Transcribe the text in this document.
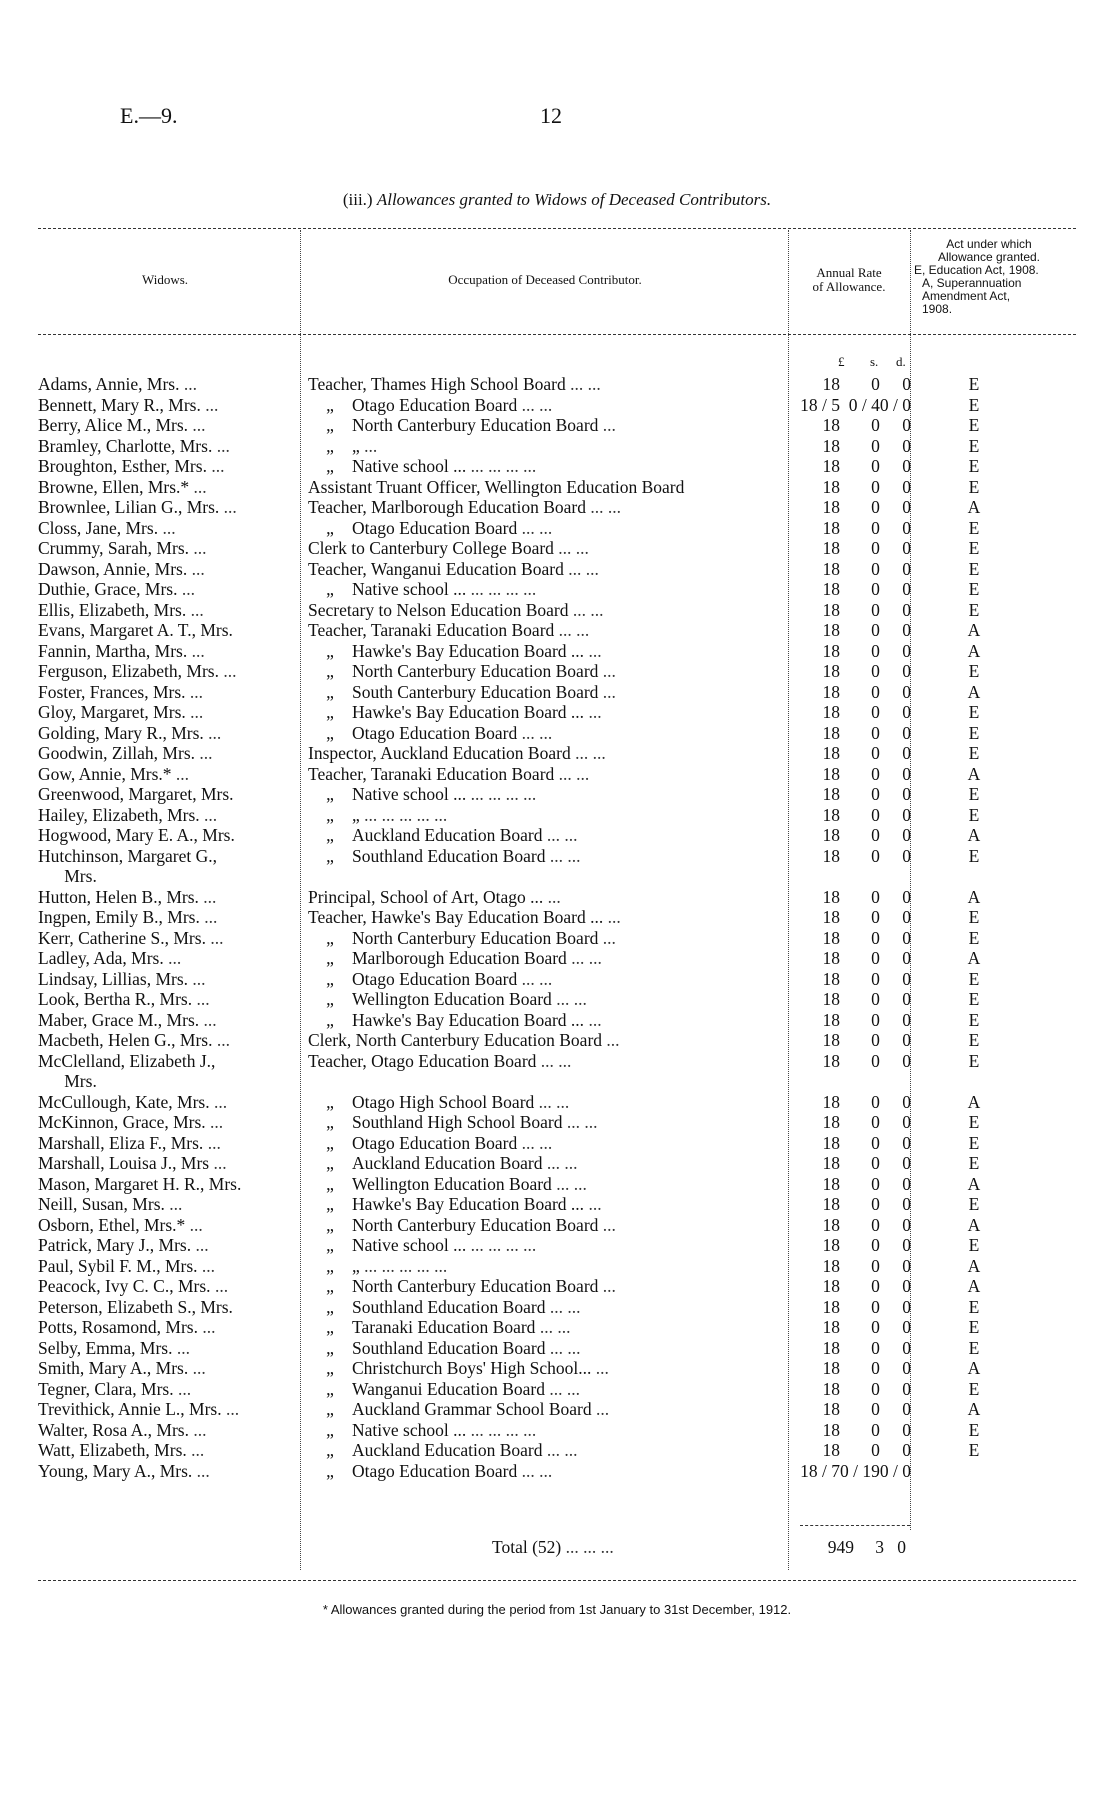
E.—9.	12
(iii.) Allowances granted to Widows of Deceased Contributors.
Widows.	Occupation of Deceased Contributor.	Annual Rate
of Allowance.
Act under which
Allowance granted.
E, Education Act, 1908.
A, Superannuation
Amendment Act,
1908.
£ s. d.
Adams, Annie, Mrs. ...	Teacher, Thames High School Board ... ...	18	0	0	E
Bennett, Mary R., Mrs. ...	„ Otago Education Board ... ...	18 / 5	0 / 4	0 / 0	E
Berry, Alice M., Mrs. ...	„ North Canterbury Education Board ...	18	0	0	E
Bramley, Charlotte, Mrs. ...	„ „ ...	18	0	0	E
Broughton, Esther, Mrs. ...	„ Native school ... ... ... ... ...	18	0	0	E
Browne, Ellen, Mrs.* ...	Assistant Truant Officer, Wellington Education Board	18	0	0	E
Brownlee, Lilian G., Mrs. ...	Teacher, Marlborough Education Board ... ...	18	0	0	A
Closs, Jane, Mrs. ...	„ Otago Education Board ... ...	18	0	0	E
Crummy, Sarah, Mrs. ...	Clerk to Canterbury College Board ... ...	18	0	0	E
Dawson, Annie, Mrs. ...	Teacher, Wanganui Education Board ... ...	18	0	0	E
Duthie, Grace, Mrs. ...	„ Native school ... ... ... ... ...	18	0	0	E
Ellis, Elizabeth, Mrs. ...	Secretary to Nelson Education Board ... ...	18	0	0	E
Evans, Margaret A. T., Mrs.	Teacher, Taranaki Education Board ... ...	18	0	0	A
Fannin, Martha, Mrs. ...	„ Hawke's Bay Education Board ... ...	18	0	0	A
Ferguson, Elizabeth, Mrs. ...	„ North Canterbury Education Board ...	18	0	0	E
Foster, Frances, Mrs. ...	„ South Canterbury Education Board ...	18	0	0	A
Gloy, Margaret, Mrs. ...	„ Hawke's Bay Education Board ... ...	18	0	0	E
Golding, Mary R., Mrs. ...	„ Otago Education Board ... ...	18	0	0	E
Goodwin, Zillah, Mrs. ...	Inspector, Auckland Education Board ... ...	18	0	0	E
Gow, Annie, Mrs.* ...	Teacher, Taranaki Education Board ... ...	18	0	0	A
Greenwood, Margaret, Mrs.	„ Native school ... ... ... ... ...	18	0	0	E
Hailey, Elizabeth, Mrs. ...	„ „ ... ... ... ... ...	18	0	0	E
Hogwood, Mary E. A., Mrs.	„ Auckland Education Board ... ...	18	0	0	A
Hutchinson, Margaret G.,	„ Southland Education Board ... ...	18	0	0	E
Mrs.					
Hutton, Helen B., Mrs. ...	Principal, School of Art, Otago ... ...	18	0	0	A
Ingpen, Emily B., Mrs. ...	Teacher, Hawke's Bay Education Board ... ...	18	0	0	E
Kerr, Catherine S., Mrs. ...	„ North Canterbury Education Board ...	18	0	0	E
Ladley, Ada, Mrs. ...	„ Marlborough Education Board ... ...	18	0	0	A
Lindsay, Lillias, Mrs. ...	„ Otago Education Board ... ...	18	0	0	E
Look, Bertha R., Mrs. ...	„ Wellington Education Board ... ...	18	0	0	E
Maber, Grace M., Mrs. ...	„ Hawke's Bay Education Board ... ...	18	0	0	E
Macbeth, Helen G., Mrs. ...	Clerk, North Canterbury Education Board ...	18	0	0	E
McClelland, Elizabeth J.,	Teacher, Otago Education Board ... ...	18	0	0	E
Mrs.					
McCullough, Kate, Mrs. ...	„ Otago High School Board ... ...	18	0	0	A
McKinnon, Grace, Mrs. ...	„ Southland High School Board ... ...	18	0	0	E
Marshall, Eliza F., Mrs. ...	„ Otago Education Board ... ...	18	0	0	E
Marshall, Louisa J., Mrs ...	„ Auckland Education Board ... ...	18	0	0	E
Mason, Margaret H. R., Mrs.	„ Wellington Education Board ... ...	18	0	0	A
Neill, Susan, Mrs. ...	„ Hawke's Bay Education Board ... ...	18	0	0	E
Osborn, Ethel, Mrs.* ...	„ North Canterbury Education Board ...	18	0	0	A
Patrick, Mary J., Mrs. ...	„ Native school ... ... ... ... ...	18	0	0	E
Paul, Sybil F. M., Mrs. ...	„ „ ... ... ... ... ...	18	0	0	A
Peacock, Ivy C. C., Mrs. ...	„ North Canterbury Education Board ...	18	0	0	A
Peterson, Elizabeth S., Mrs.	„ Southland Education Board ... ...	18	0	0	E
Potts, Rosamond, Mrs. ...	„ Taranaki Education Board ... ...	18	0	0	E
Selby, Emma, Mrs. ...	„ Southland Education Board ... ...	18	0	0	E
Smith, Mary A., Mrs. ...	„ Christchurch Boys' High School... ...	18	0	0	A
Tegner, Clara, Mrs. ...	„ Wanganui Education Board ... ...	18	0	0	E
Trevithick, Annie L., Mrs. ...	„ Auckland Grammar School Board ...	18	0	0	A
Walter, Rosa A., Mrs. ...	„ Native school ... ... ... ... ...	18	0	0	E
Watt, Elizabeth, Mrs. ...	„ Auckland Education Board ... ...	18	0	0	E
Young, Mary A., Mrs. ...	„ Otago Education Board ... ...	18 / 7	0 / 19	0 / 0	
Total (52) ... ... ...	949	3 0
* Allowances granted during the period from 1st January to 31st December, 1912.
